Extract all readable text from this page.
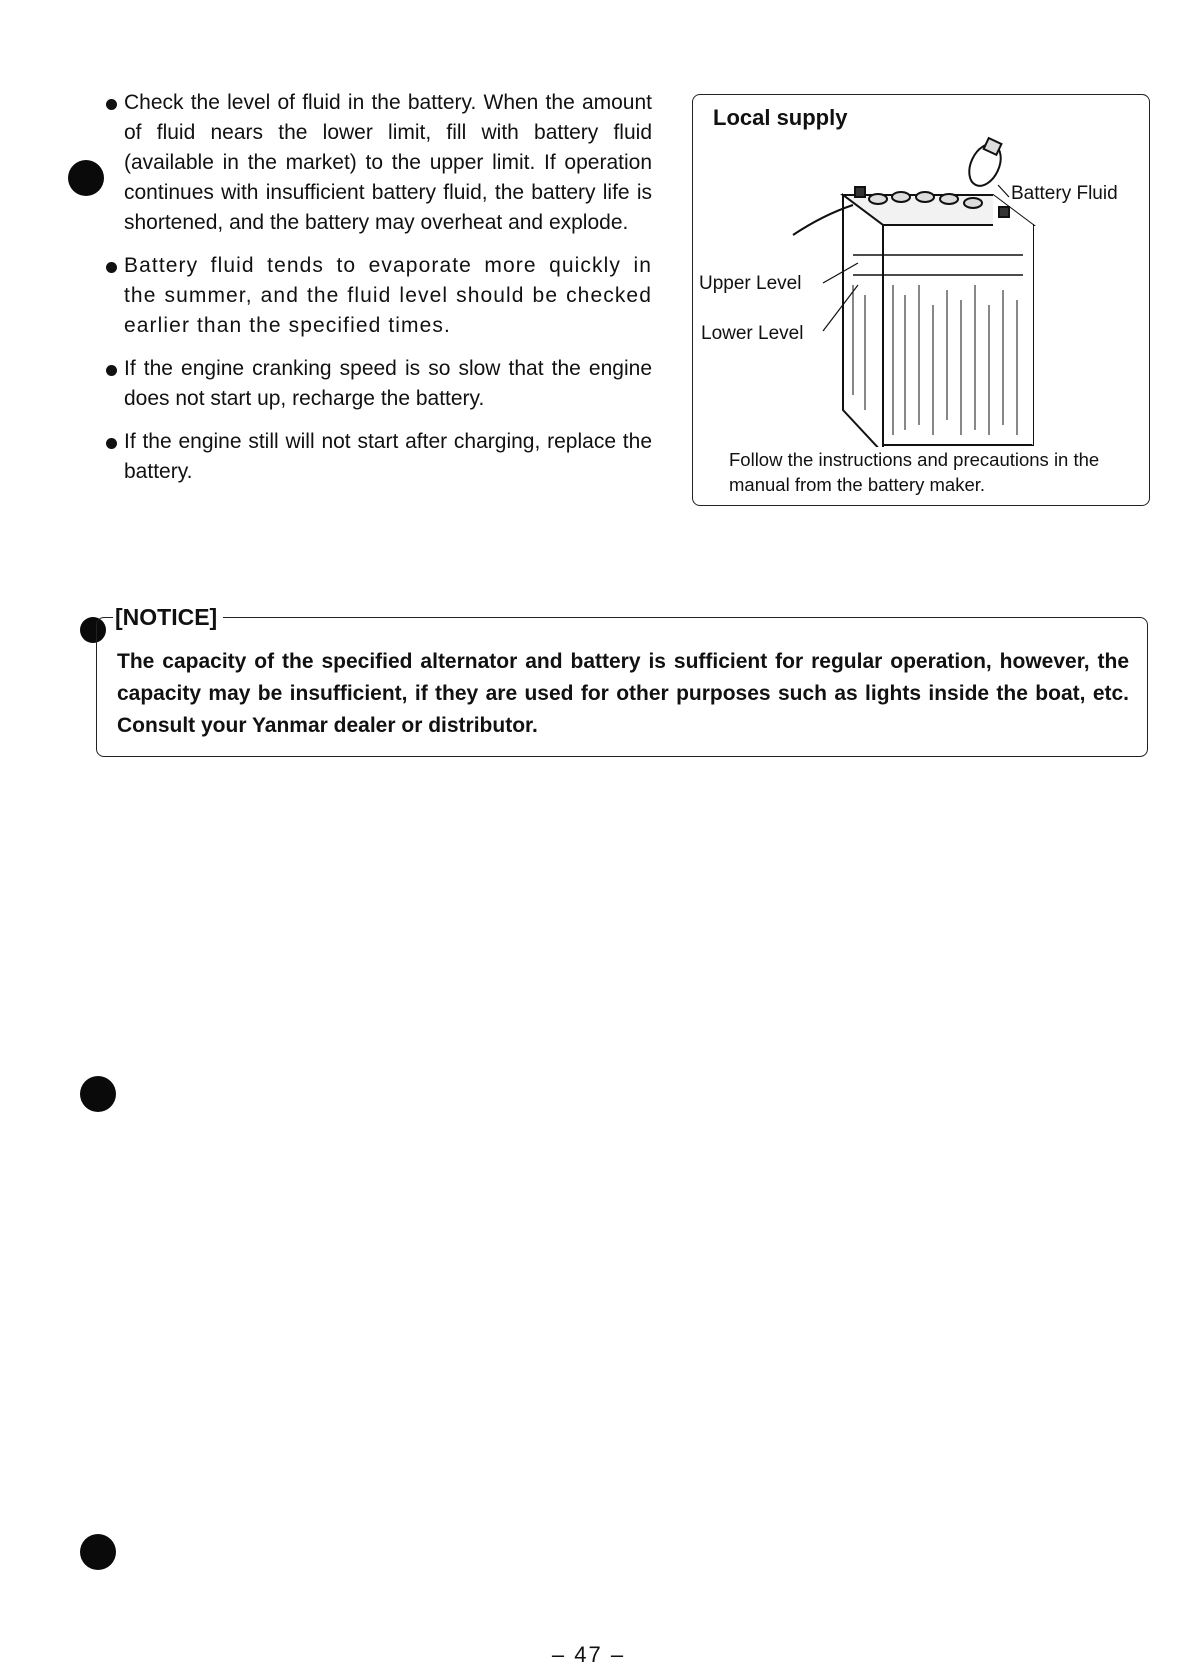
Check the level of fluid in the battery. When the amount of fluid nears the lower limit, fill with battery fluid (available in the market) to the upper limit. If operation continues with insufficient battery fluid, the battery life is shortened, and the battery may overheat and explode.

Battery fluid tends to evaporate more quickly in the summer, and the fluid level should be checked earlier than the specified times.

If the engine cranking speed is so slow that the engine does not start up, recharge the battery.

If the engine still will not start after charging, replace the battery.

Local supply
Battery Fluid
Upper Level
Lower Level
Follow the instructions and precautions in the manual from the battery maker.
[NOTICE]
The capacity of the specified alternator and battery is sufficient for regular operation, however, the capacity may be insufficient, if they are used for other purposes such as lights inside the boat, etc. Consult your Yanmar dealer or distributor.
– 47 –
